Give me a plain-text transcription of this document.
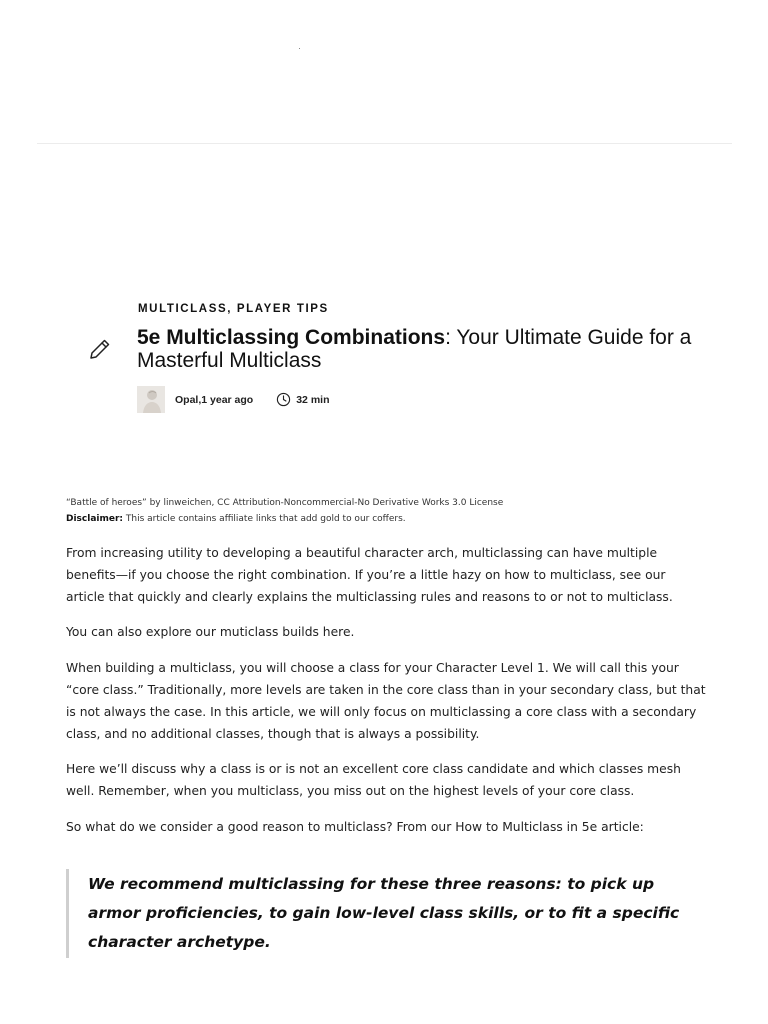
MULTICLASS, PLAYER TIPS
5e Multiclassing Combinations: Your Ultimate Guide for a Masterful Multiclass
Opal , 1 year ago	32 min
“Battle of heroes” by linweichen, CC Attribution-Noncommercial-No Derivative Works 3.0 License
Disclaimer: This article contains affiliate links that add gold to our coffers.

From increasing utility to developing a beautiful character arch, multiclassing can have multiple benefits—if you choose the right combination. If you’re a little hazy on how to multiclass, see our article that quickly and clearly explains the multiclassing rules and reasons to or not to multiclass.

You can also explore our muticlass builds here.

When building a multiclass, you will choose a class for your Character Level 1. We will call this your “core class.” Traditionally, more levels are taken in the core class than in your secondary class, but that is not always the case. In this article, we will only focus on multiclassing a core class with a secondary class, and no additional classes, though that is always a possibility.

Here we’ll discuss why a class is or is not an excellent core class candidate and which classes mesh well. Remember, when you multiclass, you miss out on the highest levels of your core class.

So what do we consider a good reason to multiclass? From our How to Multiclass in 5e article:

We recommend multiclassing for these three reasons: to pick up armor proficiencies, to gain low-level class skills, or to fit a specific character archetype.
